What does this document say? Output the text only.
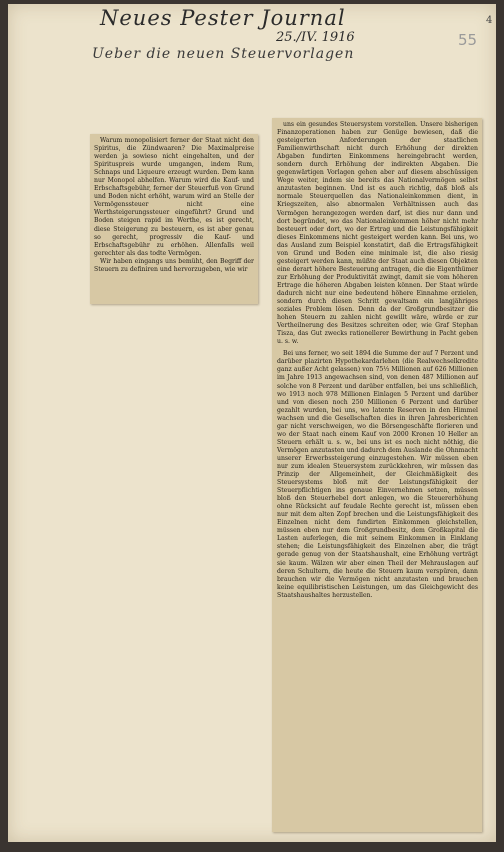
Neues Pester Journal
25./IV. 1916
Ueber die neuen Steuervorlagen
55
4

Warum monopolisiert ferner der Staat nicht den Spiritus, die Zündwaaren? Die Maximalpreise werden ja sowieso nicht eingehalten, und der Spirituspreis wurde umgangen, indem Rum, Schnaps und Liqueure erzeugt wurden. Dem kann nur Monopol abhelfen. Warum wird die Kauf- und Erbschaftsgebühr, ferner der Steuerfuß von Grund und Boden nicht erhöht, warum wird an Stelle der Vermögenssteuer nicht eine Werthsteigerungssteuer eingeführt? Grund und Boden steigen rapid im Werthe, es ist gerecht, diese Steigerung zu besteuern, es ist aber genau so gerecht, progressiv die Kauf- und Erbschaftsgebühr zu erhöhen. Allenfalls weil gerechter als das todte Vermögen.

Wir haben eingangs uns bemüht, den Begriff der Steuern zu definiren und hervorzugeben, wie wir

uns ein gesundes Steuersystem vorstellen. Unsere bisherigen Finanzoperationen haben zur Genüge bewiesen, daß die gesteigerten Anforderungen der staatlichen Familienwirthschaft nicht durch Erhöhung der direkten Abgaben fundirten Einkommens hereingebracht werden, sondern durch Erhöhung der indirekten Abgaben. Die gegenwärtigen Vorlagen gehen aber auf diesem abschüssigen Wege weiter, indem sie bereits das Nationalvermögen selbst anzutasten beginnen. Und ist es auch richtig, daß bloß als normale Steuerquellen das Nationaleinkommen dient, in Kriegszeiten, also abnormalen Verhältnissen auch das Vermögen herangezogen werden darf, ist dies nur dann und dort begründet, wo das Nationaleinkommen höher nicht mehr besteuert oder dort, wo der Ertrag und die Leistungsfähigkeit dieses Einkommens nicht gesteigert werden kann. Bei uns, wo das Ausland zum Beispiel konstatirt, daß die Ertragsfähigkeit von Grund und Boden eine minimale ist, die also riesig gesteigert werden kann, müßte der Staat auch diesen Objekten eine derart höhere Besteuerung antragen, die die Eigenthümer zur Erhöhung der Produktivität zwingt, damit sie vom höheren Ertrage die höheren Abgaben leisten können. Der Staat würde dadurch nicht nur eine bedeutend höhere Einnahme erzielen, sondern durch diesen Schritt gewaltsam ein langjähriges soziales Problem lösen. Denn da der Großgrundbesitzer die hohen Steuern zu zahlen nicht gewillt wäre, würde er zur Vertheilnerung des Besitzes schreiten oder, wie Graf Stephan Tisza, das Gut zwecks rationellerer Bewirthung in Pacht geben u. s. w.

Bei uns ferner, wo seit 1894 die Summe der auf 7 Perzent und darüber plazirten Hypothekardarlehen (die Realwechselkredite ganz außer Acht gelassen) von 75⅓ Millionen auf 626 Millionen im Jahre 1913 angewachsen sind, von denen 487 Millionen auf solche von 8 Perzent und darüber entfallen, bei uns schließlich, wo 1913 noch 978 Millionen Einlagen 5 Perzent und darüber und von diesen noch 250 Millionen 6 Perzent und darüber gezahlt wurden, bei uns, wo latente Reserven in den Himmel wachsen und die Gesellschaften dies in ihren Jahresberichten gar nicht verschweigen, wo die Börsengeschäfte florieren und wo der Staat nach einem Kauf von 2000 Kronen 10 Heller an Steuern erhält u. s. w., bei uns ist es noch nicht nöthig, die Vermögen anzutasten und dadurch dem Auslande die Ohnmacht unserer Erwerbssteigerung einzugestehen. Wir müssen eben nur zum idealen Steuersystem zurückkehren, wir müssen das Prinzip der Allgemeinheit, der Gleichmäßigkeit des Steuersystems bloß mit der Leistungsfähigkeit der Steuerpflichtigen ins genaue Einvernehmen setzen, müssen bloß den Steuerhebel dort anlegen, wo die Steuererhöhung ohne Rücksicht auf feudale Rechte gerecht ist, müssen eben nur mit dem alten Zopf brechen und die Leistungsfähigkeit des Einzelnen nicht dem fundirten Einkommen gleichstellen, müssen eben nur dem Großgrundbesitz, dem Großkapital die Lasten auferlegen, die mit seinem Einkommen in Einklang stehen; die Leistungsfähigkeit des Einzelnen aber, die trägt gerade genug von der Staatshaushalt, eine Erhöhung verträgt sie kaum. Wälzen wir aber einen Theil der Mehrauslagen auf deren Schultern, die heute die Steuern kaum verspüren, dann brauchen wir die Vermögen nicht anzutasten und brauchen keine equilibristischen Leistungen, um das Gleichgewicht des Staatshaushaltes herzustellen.
